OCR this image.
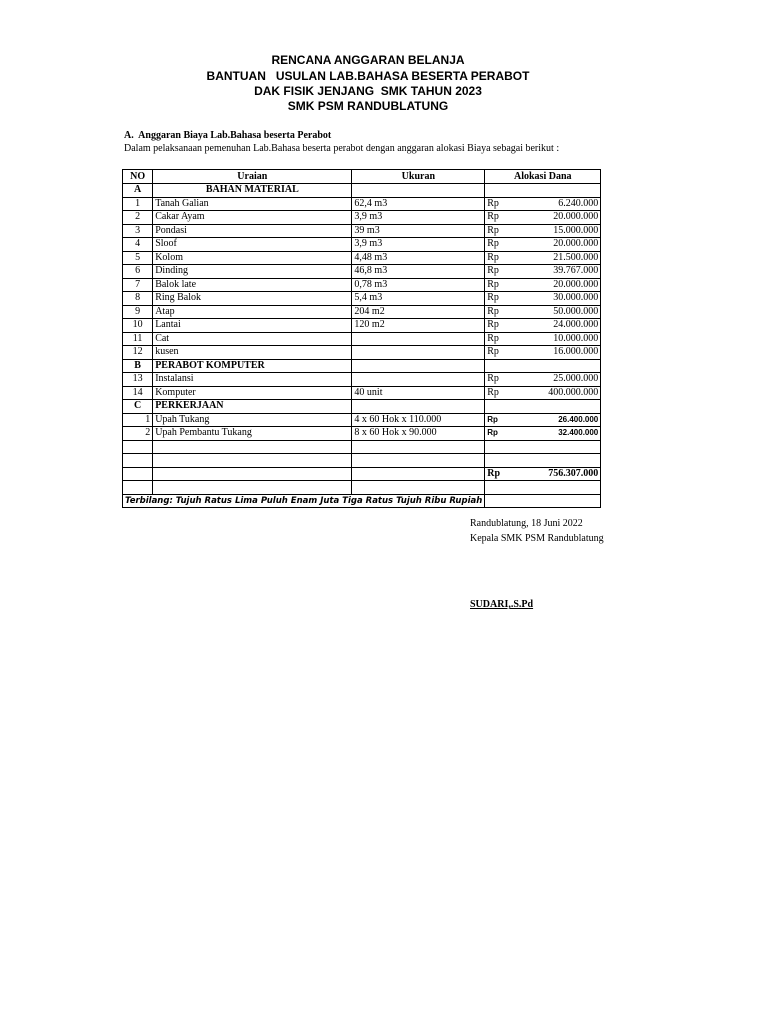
RENCANA ANGGARAN BELANJA
BANTUAN   USULAN LAB.BAHASA BESERTA PERABOT
DAK FISIK JENJANG  SMK TAHUN 2023
SMK PSM RANDUBLATUNG
A.  Anggaran Biaya Lab.Bahasa beserta Perabot
Dalam pelaksanaan pemenuhan Lab.Bahasa beserta perabot dengan anggaran alokasi Biaya sebagai berikut :
NO	Uraian	Ukuran	Alokasi Dana
A	BAHAN MATERIAL		
1	Tanah Galian	62,4 m3	Rp 6.240.000

2	Cakar Ayam	3,9 m3	Rp 20.000.000

3	Pondasi	39 m3	Rp 15.000.000

4	Sloof	3,9 m3	Rp 20.000.000

5	Kolom	4,48 m3	Rp 21.500.000

6	Dinding	46,8 m3	Rp 39.767.000

7	Balok late	0,78 m3	Rp 20.000.000

8	Ring Balok	5,4 m3	Rp 30.000.000

9	Atap	204 m2	Rp 50.000.000

10	Lantai	120 m2	Rp 24.000.000

11	Cat		Rp 10.000.000

12	kusen		Rp 16.000.000

B	PERABOT KOMPUTER		
13	Instalansi		Rp 25.000.000

14	Komputer	40 unit	Rp 400.000.000

C	PERKERJAAN		
1	Upah Tukang	4 x 60 Hok x 110.000	Rp 26.400.000

2	Upah Pembantu Tukang	8 x 60 Hok x 90.000	Rp 32.400.000

			Rp 756.307.000

Terbilang: Tujuh Ratus Lima Puluh Enam Juta Tiga Ratus Tujuh Ribu Rupiah			
Randublatung, 18 Juni 2022
Kepala SMK PSM Randublatung
SUDARI,.S.Pd
